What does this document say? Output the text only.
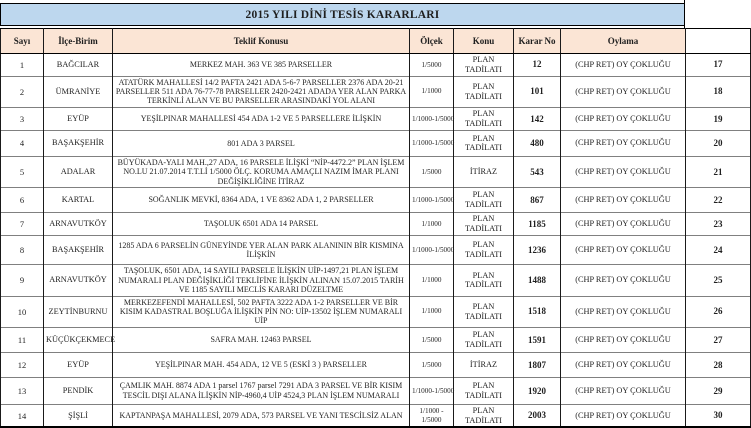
2015 YILI DİNİ TESİS KARARLARI
Sayı	İlçe-Birim	Teklif Konusu	Ölçek	Konu	Karar No	Oylama	
1	BAĞCILAR	MERKEZ MAH. 363 VE 385 PARSELLER	1/5000	PLAN TADİLATI	12	(CHP RET) OY ÇOKLUĞU	17
2	ÜMRANİYE	ATATÜRK MAHALLESİ 14/2 PAFTA 2421 ADA 5-6-7 PARSELLER 2376 ADA 20-21 PARSELLER 511 ADA 76-77-78 PARSELLER 2420-2421 ADADA YER ALAN PARKA TERKİNLİ ALAN VE BU PARSELLER ARASINDAKİ YOL ALANI	1/1000	PLAN TADİLATI	101	(CHP RET) OY ÇOKLUĞU	18
3	EYÜP	YEŞİLPINAR MAHALLESİ 454 ADA 1-2 VE 5 PARSELLERE İLİŞKİN	1/1000-1/5000	PLAN TADİLATI	142	(CHP RET) OY ÇOKLUĞU	19
4	BAŞAKŞEHİR	801 ADA 3 PARSEL	1/1000-1/5000	PLAN TADİLATI	480	(CHP RET) OY ÇOKLUĞU	20
5	ADALAR	BÜYÜKADA-YALI MAH.,27 ADA, 16 PARSELE İLİŞKİ “NİP-4472.2” PLAN İŞLEM NO.LU 21.07.2014 T.T.Lİ 1/5000 ÖLÇ. KORUMA AMAÇLI NAZIM İMAR PLANI DEĞİŞİKLİĞİNE İTİRAZ	1/5000	İTİRAZ	543	(CHP RET) OY ÇOKLUĞU	21
6	KARTAL	SOĞANLIK MEVKİ, 8364 ADA, 1 VE 8362 ADA 1, 2 PARSELLER	1/1000-1/5000	PLAN TADİLATI	867	(CHP RET) OY ÇOKLUĞU	22
7	ARNAVUTKÖY	TAŞOLUK 6501 ADA 14 PARSEL	1/1000	PLAN TADİLATI	1185	(CHP RET) OY ÇOKLUĞU	23
8	BAŞAKŞEHİR	1285 ADA 6 PARSELİN GÜNEYİNDE YER ALAN PARK ALANININ BİR KISMINA İLİŞKİN	1/1000-1/5000	PLAN TADİLATI	1236	(CHP RET) OY ÇOKLUĞU	24
9	ARNAVUTKÖY	TAŞOLUK, 6501 ADA, 14 SAYILI PARSELE İLİŞKİN UİP-1497,21 PLAN İŞLEM NUMARALI PLAN DEĞİŞİKLİĞİ TEKLİFİNE İLİŞKİN ALINAN 15.07.2015 TARİH VE 1185 SAYILI MECLİS KARARI DÜZELTME	1/1000	PLAN TADİLATI	1488	(CHP RET) OY ÇOKLUĞU	25
10	ZEYTİNBURNU	MERKEZEFENDİ MAHALLESİ, 502 PAFTA 3222 ADA 1-2 PARSELLER VE BİR KISIM KADASTRAL BOŞLUĞA İLİŞKİN PİN NO: UİP-13502 İŞLEM NUMARALI UİP	1/1000	PLAN TADİLATI	1518	(CHP RET) OY ÇOKLUĞU	26
11	KÜÇÜKÇEKMECE	SAFRA MAH. 12463 PARSEL	1/5000	PLAN TADİLATI	1591	(CHP RET) OY ÇOKLUĞU	27
12	EYÜP	YEŞİLPINAR MAH. 454 ADA, 12 VE 5 (ESKİ 3 ) PARSELLER	1/5000	İTİRAZ	1807	(CHP RET) OY ÇOKLUĞU	28
13	PENDİK	ÇAMLIK MAH. 8874 ADA 1 parsel 1767 parsel 7291 ADA 3 PARSEL VE BİR KISIM TESCİL DIŞI ALANA İLİŞKİN NİP-4960,4 UİP 4524,3 PLAN İŞLEM NUMARALI	1/1000-1/5000	PLAN TADİLATI	1920	(CHP RET) OY ÇOKLUĞU	29
14	ŞİŞLİ	KAPTANPAŞA MAHALLESİ, 2079 ADA, 573 PARSEL VE YANI TESCİLSİZ ALAN	1/1000 - 1/5000	PLAN TADİLATI	2003	(CHP RET) OY ÇOKLUĞU	30
